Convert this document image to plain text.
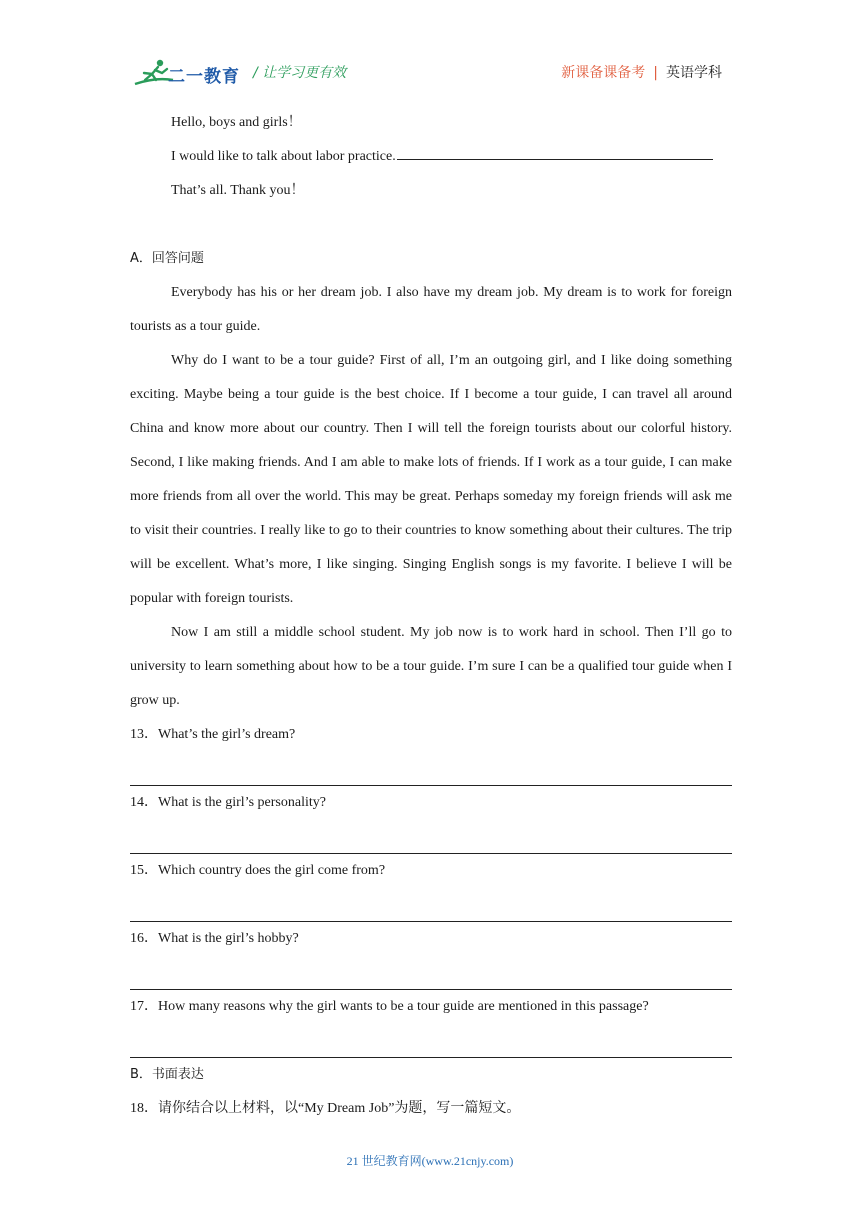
二一教育 / 让学习更有效	新课备课备考 | 英语学科
Hello, boys and girls！
I would like to talk about labor practice.
That’s all. Thank you！
A．回答问题

Everybody has his or her dream job. I also have my dream job. My dream is to work for foreign tourists as a tour guide.

Why do I want to be a tour guide? First of all, I’m an outgoing girl, and I like doing something exciting. Maybe being a tour guide is the best choice. If I become a tour guide, I can travel all around China and know more about our country. Then I will tell the foreign tourists about our colorful history. Second, I like making friends. And I am able to make lots of friends. If I work as a tour guide, I can make more friends from all over the world. This may be great. Perhaps someday my foreign friends will ask me to visit their countries. I really like to go to their countries to know something about their cultures. The trip will be excellent. What’s more, I like singing. Singing English songs is my favorite. I believe I will be popular with foreign tourists.

Now I am still a middle school student. My job now is to work hard in school. Then I’ll go to university to learn something about how to be a tour guide. I’m sure I can be a qualified tour guide when I grow up.

13．What’s the girl’s dream?
14．What is the girl’s personality?
15．Which country does the girl come from?
16．What is the girl’s hobby?
17．How many reasons why the girl wants to be a tour guide are mentioned in this passage?
B．书面表达
18．请你结合以上材料，以“My Dream Job”为题，写一篇短文。
21 世纪教育网(www.21cnjy.com)
